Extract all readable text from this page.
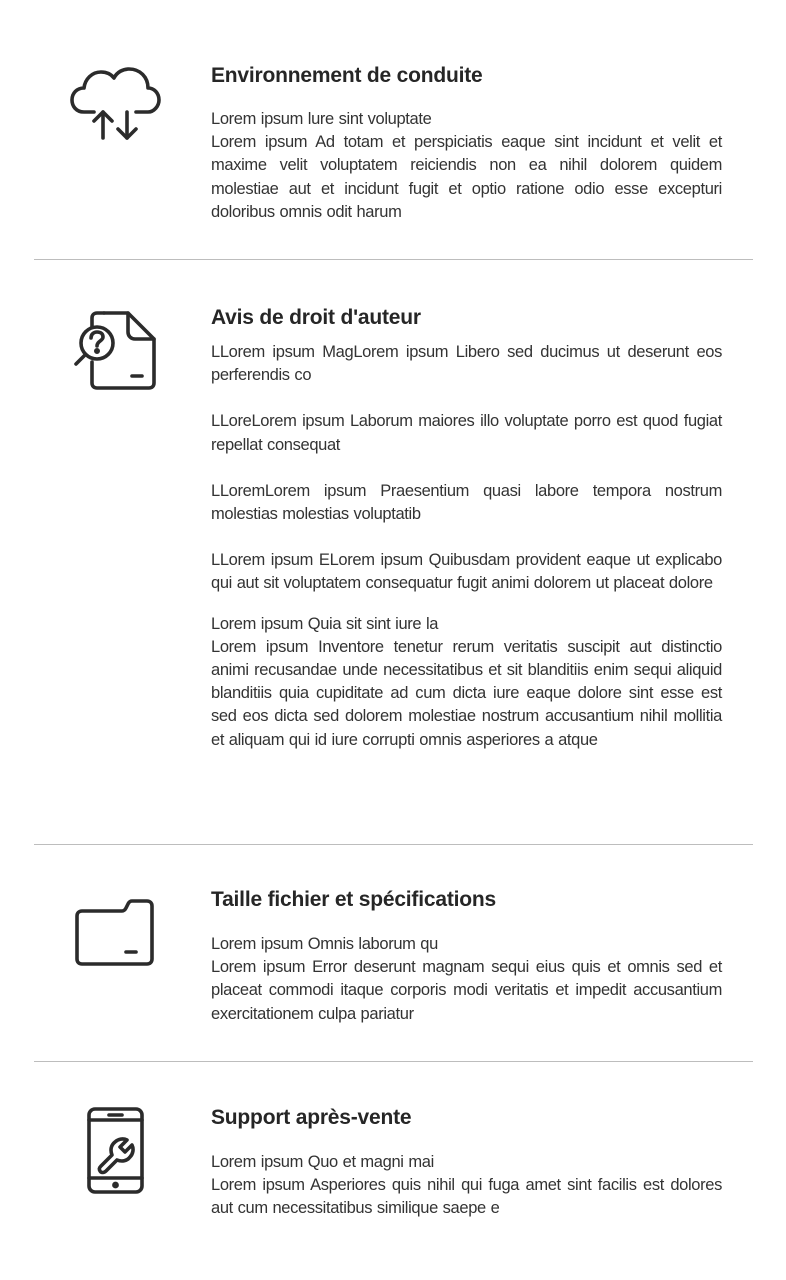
Environnement de conduite

Lorem ipsum lure sint voluptate
Lorem ipsum Ad totam et perspiciatis eaque sint incidunt et velit et maxime velit voluptatem reiciendis non ea nihil dolorem quidem molestiae aut et incidunt fugit et optio ratione odio esse excepturi doloribus omnis odit harum

Avis de droit d'auteur

LLorem ipsum MagLorem ipsum Libero sed ducimus ut deserunt eos perferendis co

LLoreLorem ipsum Laborum maiores illo voluptate porro est quod fugiat repellat consequat

LLoremLorem ipsum Praesentium quasi labore tempora nostrum molestias molestias voluptatib

LLorem ipsum ELorem ipsum Quibusdam provident eaque ut explicabo qui aut sit voluptatem consequatur fugit animi dolorem ut placeat dolore

Lorem ipsum Quia sit sint iure la
Lorem ipsum Inventore tenetur rerum veritatis suscipit aut distinctio animi recusandae unde necessitatibus et sit blanditiis enim sequi aliquid blanditiis quia cupiditate ad cum dicta iure eaque dolore sint esse est sed eos dicta sed dolorem molestiae nostrum accusantium nihil mollitia et aliquam qui id iure corrupti omnis asperiores a atque

Taille fichier et spécifications

Lorem ipsum Omnis laborum qu
Lorem ipsum Error deserunt magnam sequi eius quis et omnis sed et placeat commodi itaque corporis modi veritatis et impedit accusantium exercitationem culpa pariatur

Support après-vente

Lorem ipsum Quo et magni mai
Lorem ipsum Asperiores quis nihil qui fuga amet sint facilis est dolores aut cum necessitatibus similique saepe e
